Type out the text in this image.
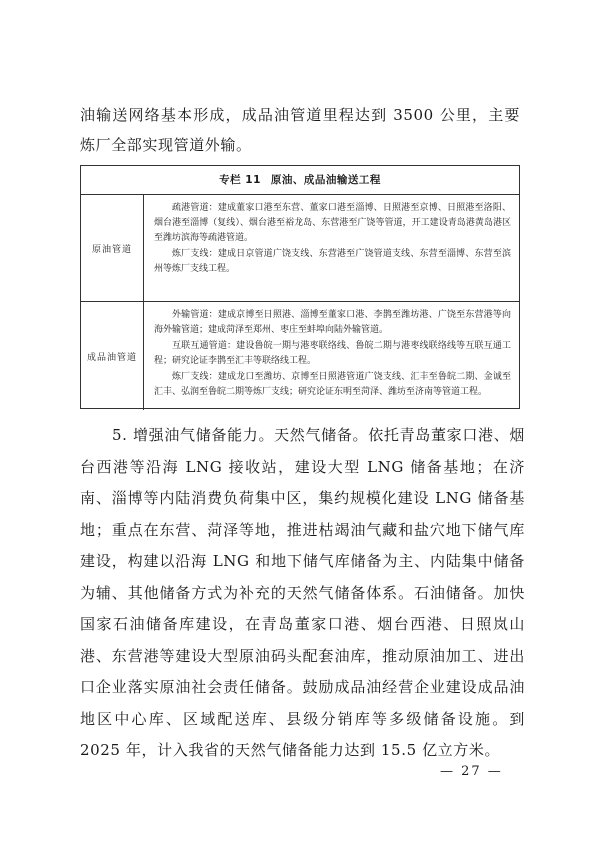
油输送网络基本形成，成品油管道里程达到 3500 公里，主要炼厂全部实现管道外输。

专栏 11 原油、成品油输送工程
原油管道

疏港管道：建成董家口港至东营、董家口港至淄博、日照港至京博、日照港至洛阳、烟台港至淄博（复线）、烟台港至裕龙岛、东营港至广饶等管道，开工建设青岛港黄岛港区至潍坊滨海等疏港管道。

炼厂支线：建成日京管道广饶支线、东营港至广饶管道支线、东营至淄博、东营至滨州等炼厂支线工程。

成品油管道

外输管道：建成京博至日照港、淄博至董家口港、李鹊至潍坊港、广饶至东营港等向海外输管道；建成菏泽至郑州、枣庄至蚌埠向陆外输管道。

互联互通管道：建设鲁皖一期与港枣联络线、鲁皖二期与港枣线联络线等互联互通工程；研究论证李鹊至汇丰等联络线工程。

炼厂支线：建成龙口至潍坊、京博至日照港管道广饶支线、汇丰至鲁皖二期、金诚至汇丰、弘润至鲁皖二期等炼厂支线；研究论证东明至菏泽、潍坊至济南等管道工程。

5. 增强油气储备能力。天然气储备。依托青岛董家口港、烟台西港等沿海 LNG 接收站，建设大型 LNG 储备基地；在济南、淄博等内陆消费负荷集中区，集约规模化建设 LNG 储备基地；重点在东营、菏泽等地，推进枯竭油气藏和盐穴地下储气库建设，构建以沿海 LNG 和地下储气库储备为主、内陆集中储备为辅、其他储备方式为补充的天然气储备体系。石油储备。加快国家石油储备库建设，在青岛董家口港、烟台西港、日照岚山港、东营港等建设大型原油码头配套油库，推动原油加工、进出口企业落实原油社会责任储备。鼓励成品油经营企业建设成品油地区中心库、区域配送库、县级分销库等多级储备设施。到 2025 年，计入我省的天然气储备能力达到 15.5 亿立方米。

— 27 —
